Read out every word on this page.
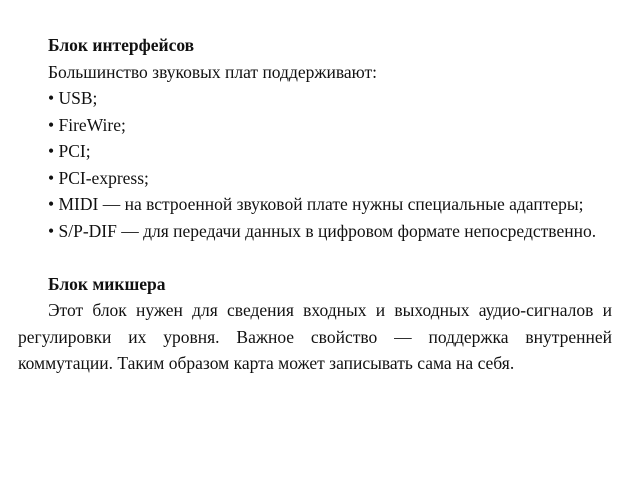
Блок интерфейсов

Большинство звуковых плат поддерживают:

• USB;

• FireWire;

• PCI;

• PCI-express;

• MIDI — на встроенной звуковой плате нужны специальные адаптеры;

• S/P-DIF — для передачи данных в цифровом формате непосредственно.

Блок микшера

Этот блок нужен для сведения входных и выходных аудио-сигналов и регулировки их уровня. Важное свойство — поддержка внутренней коммутации. Таким образом карта может записывать сама на себя.
